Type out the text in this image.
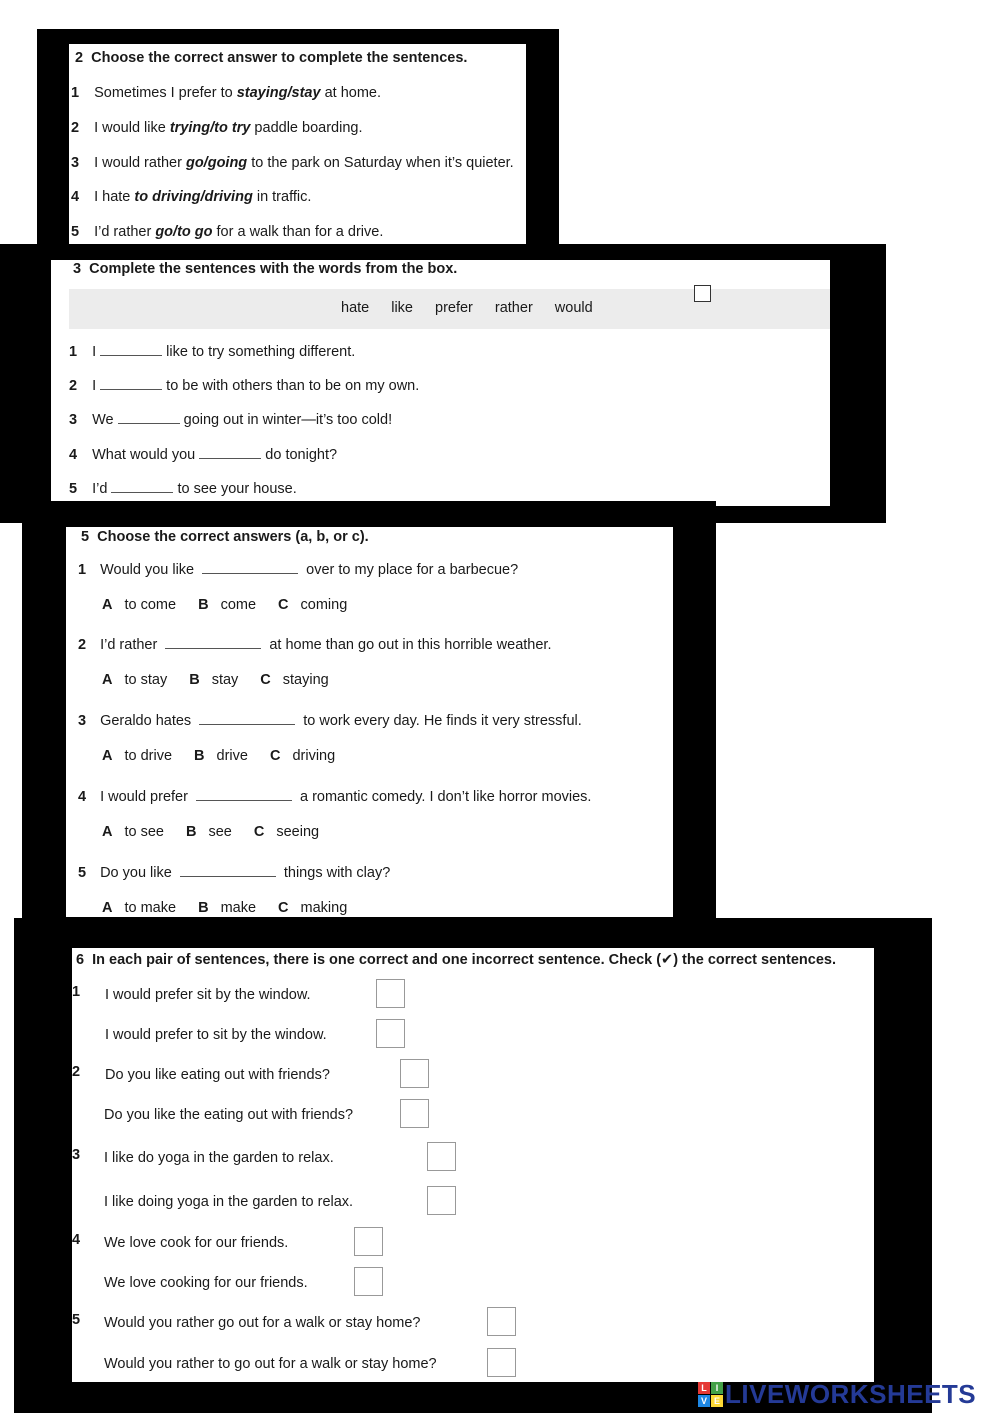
2 Choose the correct answer to complete the sentences.
1 Sometimes I prefer to staying/stay at home.
2 I would like trying/to try paddle boarding.
3 I would rather go/going to the park on Saturday when it’s quieter.
4 I hate to driving/driving in traffic.
5 I’d rather go/to go for a walk than for a drive.
3 Complete the sentences with the words from the box.
hate like prefer rather would
1 I	like to try something different.
2 I	to be with others than to be on my own.
3 We	going out in winter—it’s too cold!
4 What would you	do tonight?
5 I’d	to see your house.
5 Choose the correct answers (a, b, or c).
1 Would you like	over to my place for a barbecue?
A to come B come C coming
2 I’d rather	at home than go out in this horrible weather.
A to stay B stay C staying
3 Geraldo hates	to work every day. He finds it very stressful.
A to drive B drive C driving
4 I would prefer	a romantic comedy. I don’t like horror movies.
A to see B see C seeing
5 Do you like	things with clay?
A to make B make C making
6 In each pair of sentences, there is one correct and one incorrect sentence. Check (✔) the correct sentences.
1 I would prefer sit by the window.
I would prefer to sit by the window.
2 Do you like eating out with friends?
Do you like the eating out with friends?
3 I like do yoga in the garden to relax.
I like doing yoga in the garden to relax.
4 We love cook for our friends.
We love cooking for our friends.
5 Would you rather go out for a walk or stay home?
Would you rather to go out for a walk or stay home?
L I
V E LIVEWORKSHEETS
